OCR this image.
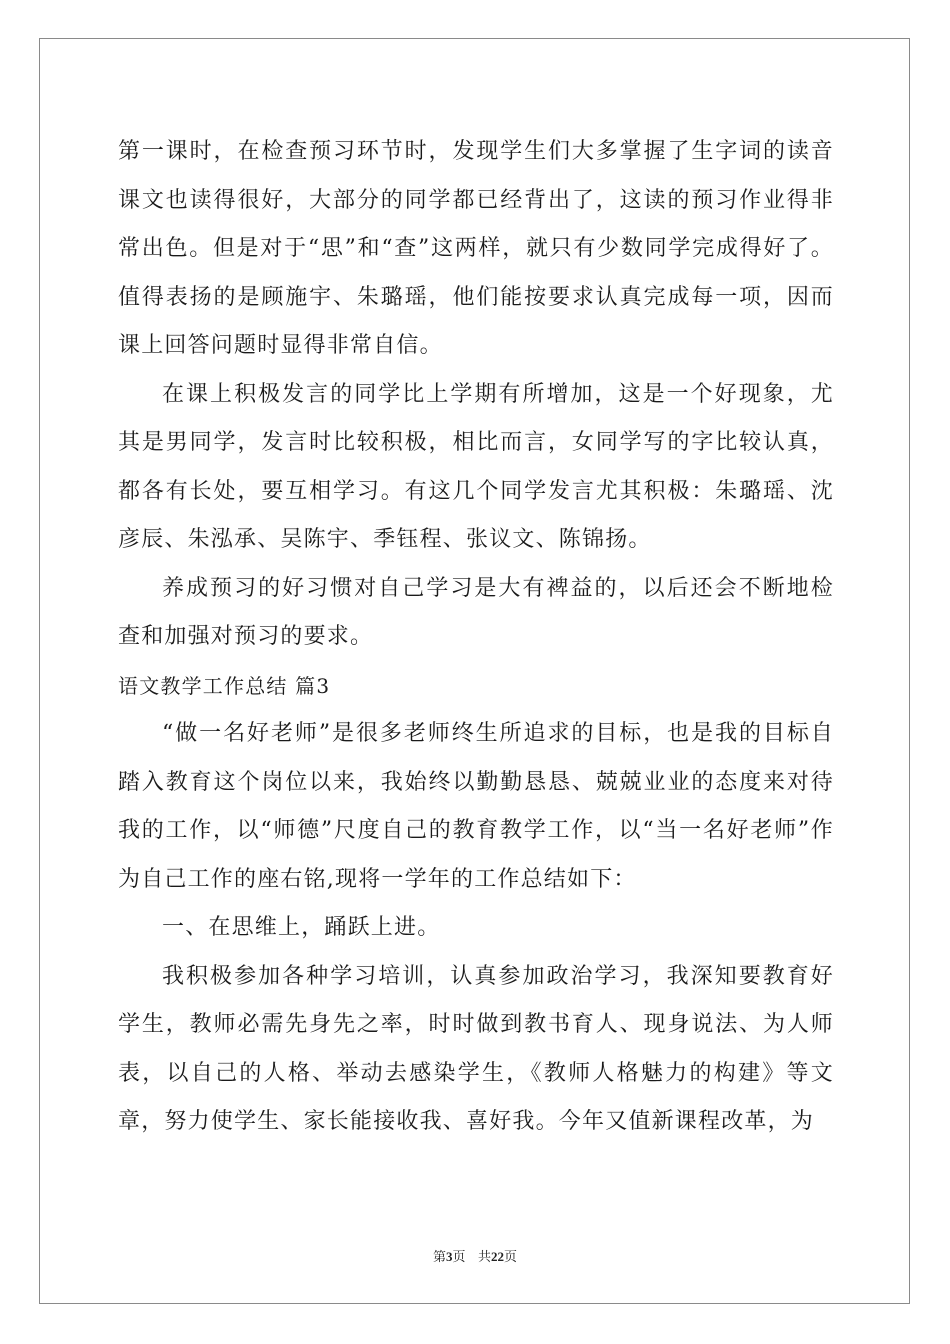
第一课时，在检查预习环节时，发现学生们大多掌握了生字词的读音课文也读得很好，大部分的同学都已经背出了，这读的预习作业得非常出色。但是对于“思”和“查”这两样，就只有少数同学完成得好了。值得表扬的是顾施宇、朱璐瑶，他们能按要求认真完成每一项，因而课上回答问题时显得非常自信。

在课上积极发言的同学比上学期有所增加，这是一个好现象，尤其是男同学，发言时比较积极，相比而言，女同学写的字比较认真，都各有长处，要互相学习。有这几个同学发言尤其积极：朱璐瑶、沈彦辰、朱泓承、吴陈宇、季钰程、张议文、陈锦扬。

养成预习的好习惯对自己学习是大有裨益的，以后还会不断地检查和加强对预习的要求。

语文教学工作总结 篇3

“做一名好老师”是很多老师终生所追求的目标，也是我的目标自踏入教育这个岗位以来，我始终以勤勤恳恳、兢兢业业的态度来对待我的工作，以“师德”尺度自己的教育教学工作，以“当一名好老师”作为自己工作的座右铭,现将一学年的工作总结如下：

一、在思维上，踊跃上进。

我积极参加各种学习培训，认真参加政治学习，我深知要教育好学生，教师必需先身先之率，时时做到教书育人、现身说法、为人师表，以自己的人格、举动去感染学生，《教师人格魅力的构建》等文章，努力使学生、家长能接收我、喜好我。今年又值新课程改革，为

第3页 共22页
